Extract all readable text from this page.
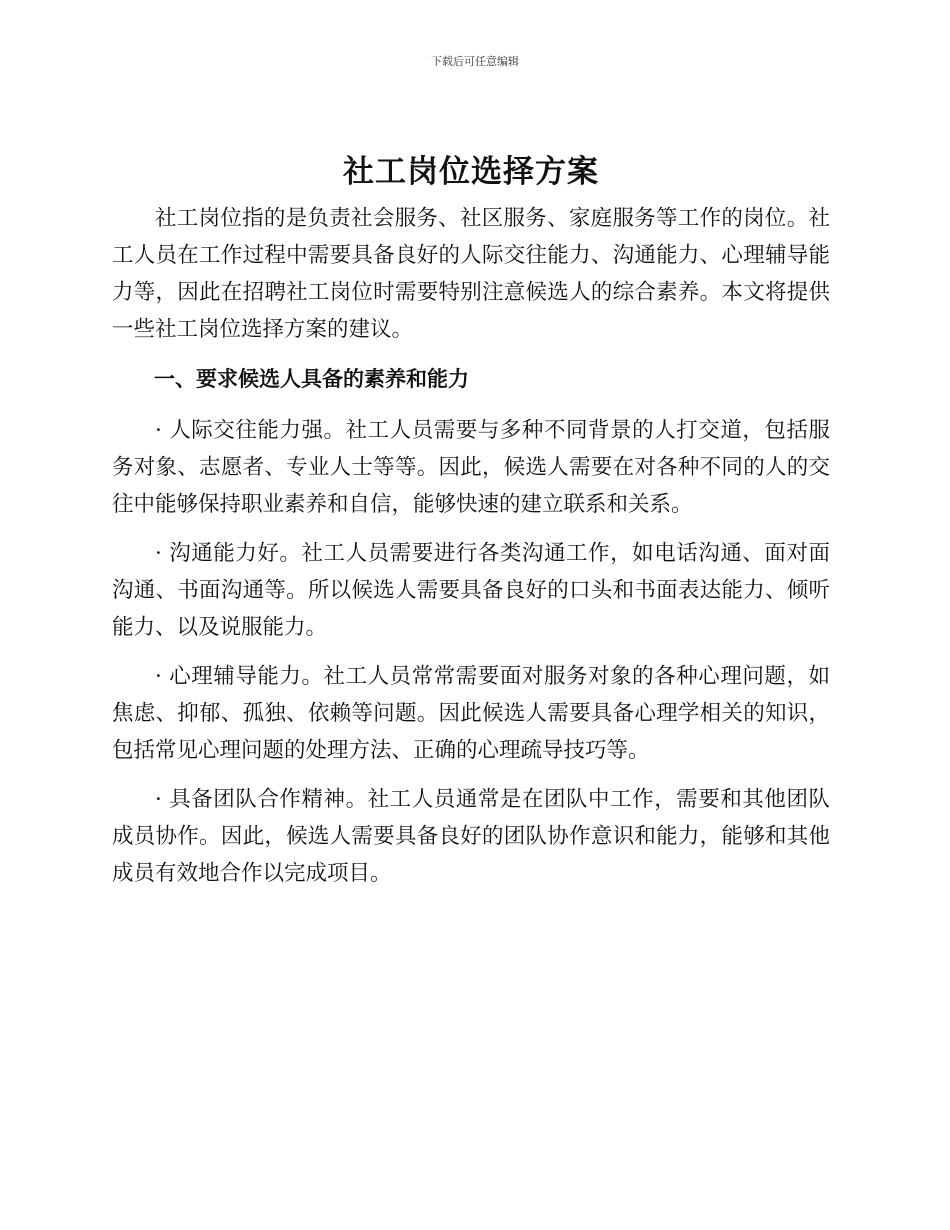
下载后可任意编辑
社工岗位选择方案

社工岗位指的是负责社会服务、社区服务、家庭服务等工作的岗位。社工人员在工作过程中需要具备良好的人际交往能力、沟通能力、心理辅导能力等，因此在招聘社工岗位时需要特别注意候选人的综合素养。本文将提供一些社工岗位选择方案的建议。

一、要求候选人具备的素养和能力

· 人际交往能力强。社工人员需要与多种不同背景的人打交道，包括服务对象、志愿者、专业人士等等。因此，候选人需要在对各种不同的人的交往中能够保持职业素养和自信，能够快速的建立联系和关系。

· 沟通能力好。社工人员需要进行各类沟通工作，如电话沟通、面对面沟通、书面沟通等。所以候选人需要具备良好的口头和书面表达能力、倾听能力、以及说服能力。

· 心理辅导能力。社工人员常常需要面对服务对象的各种心理问题，如焦虑、抑郁、孤独、依赖等问题。因此候选人需要具备心理学相关的知识，包括常见心理问题的处理方法、正确的心理疏导技巧等。

· 具备团队合作精神。社工人员通常是在团队中工作，需要和其他团队成员协作。因此，候选人需要具备良好的团队协作意识和能力，能够和其他成员有效地合作以完成项目。
